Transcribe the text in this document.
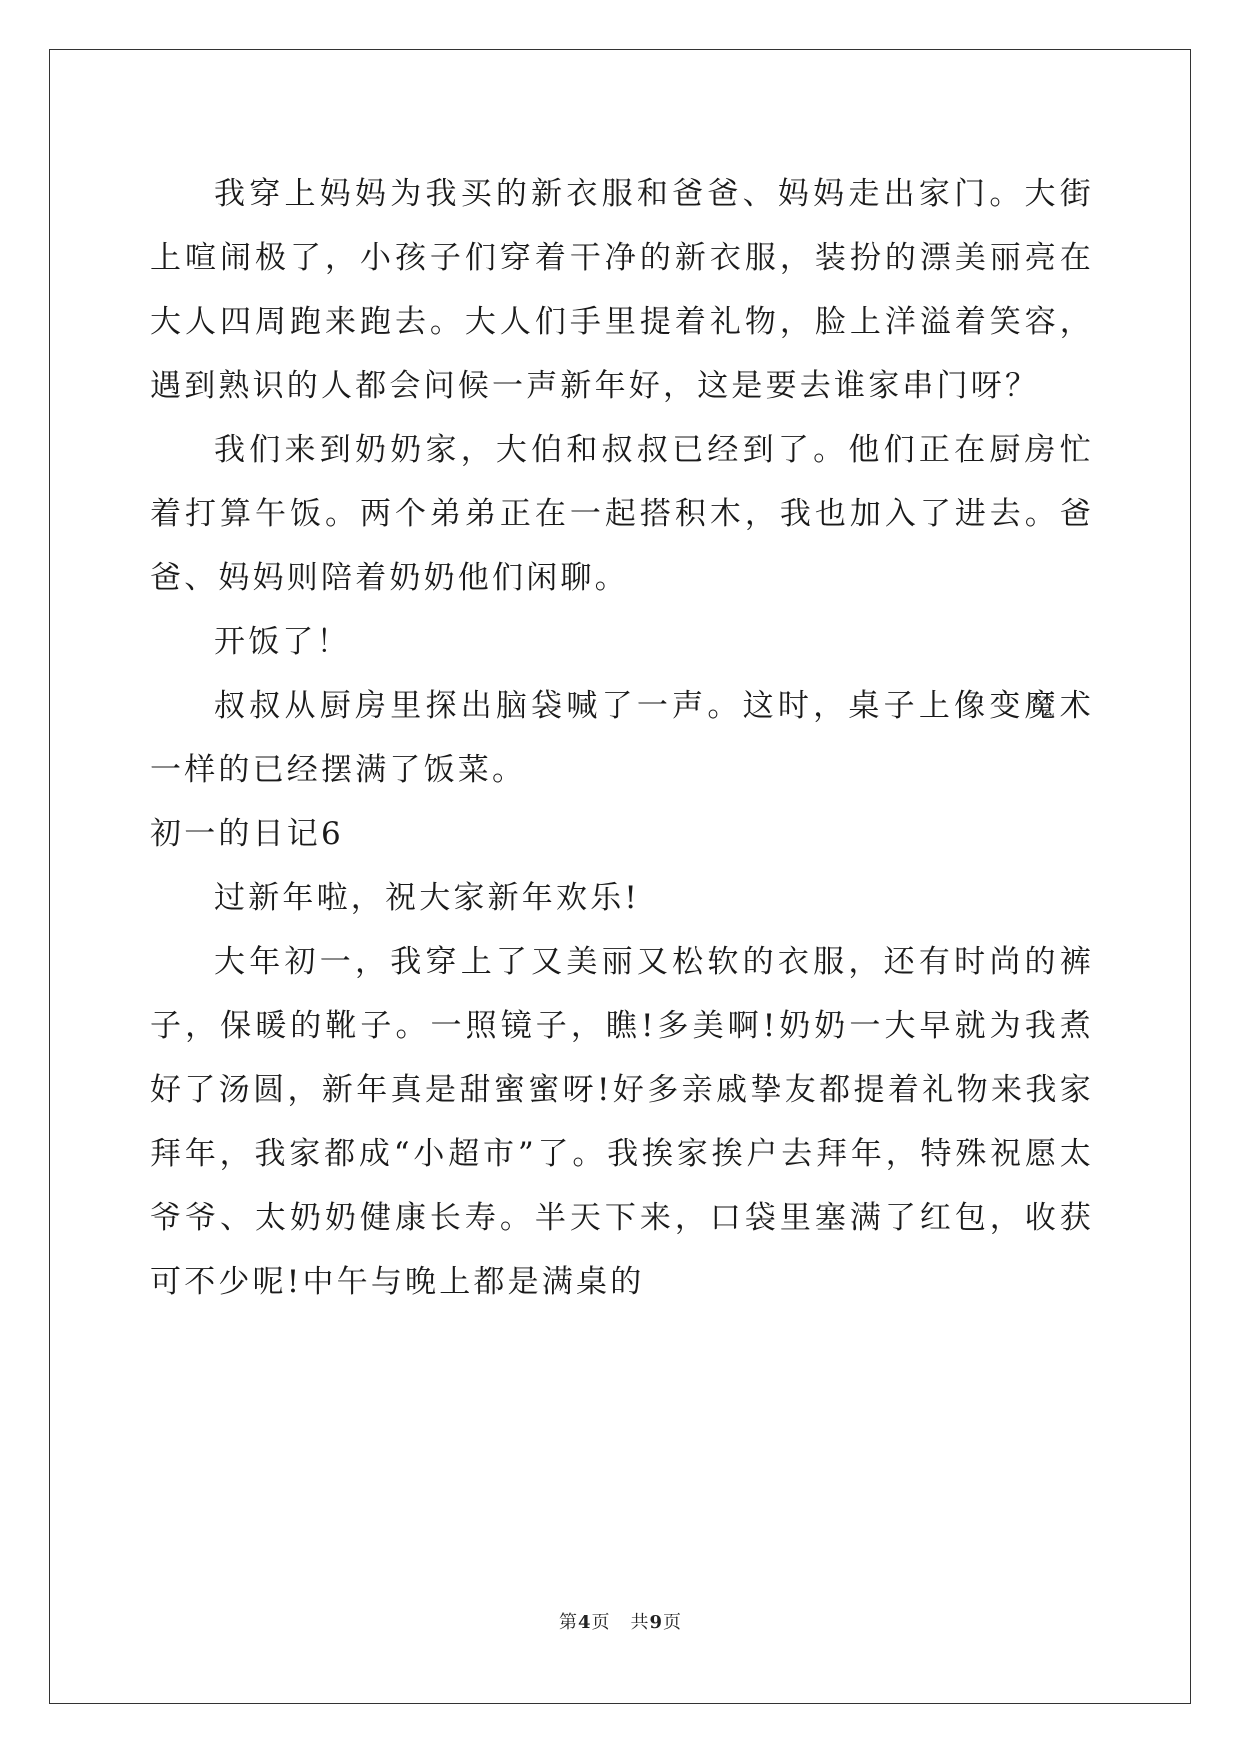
我穿上妈妈为我买的新衣服和爸爸、妈妈走出家门。大街上喧闹极了，小孩子们穿着干净的新衣服，装扮的漂美丽亮在大人四周跑来跑去。大人们手里提着礼物，脸上洋溢着笑容，遇到熟识的人都会问候一声新年好，这是要去谁家串门呀？

我们来到奶奶家，大伯和叔叔已经到了。他们正在厨房忙着打算午饭。两个弟弟正在一起搭积木，我也加入了进去。爸爸、妈妈则陪着奶奶他们闲聊。

开饭了！

叔叔从厨房里探出脑袋喊了一声。这时，桌子上像变魔术一样的已经摆满了饭菜。

初一的日记6

过新年啦，祝大家新年欢乐!

大年初一，我穿上了又美丽又松软的衣服，还有时尚的裤子，保暖的靴子。一照镜子，瞧!多美啊!奶奶一大早就为我煮好了汤圆，新年真是甜蜜蜜呀!好多亲戚挚友都提着礼物来我家拜年，我家都成“小超市”了。我挨家挨户去拜年，特殊祝愿太爷爷、太奶奶健康长寿。半天下来，口袋里塞满了红包，收获可不少呢!中午与晚上都是满桌的

第4页 共9页
